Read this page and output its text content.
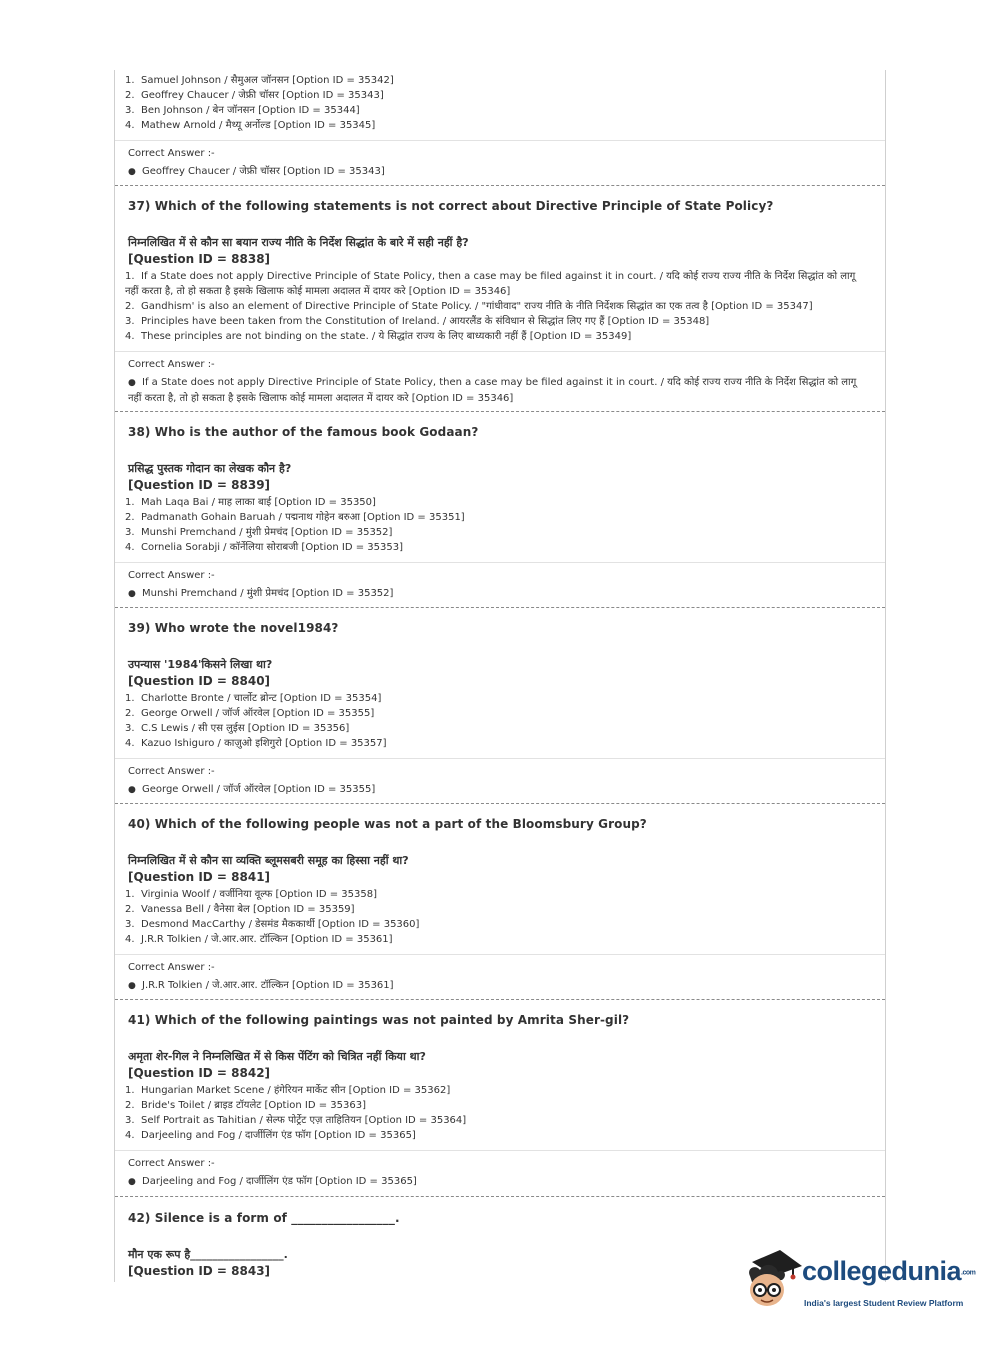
1. Samuel Johnson / सैमुअल जॉनसन [Option ID = 35342]
2. Geoffrey Chaucer / जेफ्री चॉसर [Option ID = 35343]
3. Ben Johnson / बेन जॉनसन [Option ID = 35344]
4. Mathew Arnold / मैथ्यू अर्नोल्ड [Option ID = 35345]
Correct Answer :-
● Geoffrey Chaucer / जेफ्री चॉसर [Option ID = 35343]
37) Which of the following statements is not correct about Directive Principle of State Policy?
निम्नलिखित में से कौन सा बयान राज्य नीति के निर्देश सिद्धांत के बारे में सही नहीं है?
[Question ID = 8838]
1. If a State does not apply Directive Principle of State Policy, then a case may be filed against it in court. / यदि कोई राज्य राज्य नीति के निर्देश सिद्धांत को लागू नहीं करता है, तो हो सकता है इसके खिलाफ कोई मामला अदालत में दायर करे [Option ID = 35346]
2. Gandhism' is also an element of Directive Principle of State Policy. / "गांधीवाद" राज्य नीति के नीति निर्देशक सिद्धांत का एक तत्व है [Option ID = 35347]
3. Principles have been taken from the Constitution of Ireland. / आयरलैंड के संविधान से सिद्धांत लिए गए हैं [Option ID = 35348]
4. These principles are not binding on the state. / ये सिद्धांत राज्य के लिए बाध्यकारी नहीं हैं [Option ID = 35349]
Correct Answer :-
● If a State does not apply Directive Principle of State Policy, then a case may be filed against it in court. / यदि कोई राज्य राज्य नीति के निर्देश सिद्धांत को लागू नहीं करता है, तो हो सकता है इसके खिलाफ कोई मामला अदालत में दायर करे [Option ID = 35346]
38) Who is the author of the famous book Godaan?
प्रसिद्ध पुस्तक गोदान का लेखक कौन है?
[Question ID = 8839]
1. Mah Laqa Bai / माह लाका बाई [Option ID = 35350]
2. Padmanath Gohain Baruah / पद्मनाथ गोहेन बरुआ [Option ID = 35351]
3. Munshi Premchand / मुंशी प्रेमचंद [Option ID = 35352]
4. Cornelia Sorabji / कॉर्नेलिया सोराबजी [Option ID = 35353]
Correct Answer :-
● Munshi Premchand / मुंशी प्रेमचंद [Option ID = 35352]
39) Who wrote the novel1984?
उपन्यास '1984'किसने लिखा था?
[Question ID = 8840]
1. Charlotte Bronte / चार्लोट ब्रोन्ट [Option ID = 35354]
2. George Orwell / जॉर्ज ऑरवेल [Option ID = 35355]
3. C.S Lewis / सी एस लुईस [Option ID = 35356]
4. Kazuo Ishiguro / काज़ुओ इशिगुरो [Option ID = 35357]
Correct Answer :-
● George Orwell / जॉर्ज ऑरवेल [Option ID = 35355]
40) Which of the following people was not a part of the Bloomsbury Group?
निम्नलिखित में से कौन सा व्यक्ति ब्लूमसबरी समूह का हिस्सा नहीं था?
[Question ID = 8841]
1. Virginia Woolf / वर्जीनिया वूल्फ [Option ID = 35358]
2. Vanessa Bell / वैनेसा बेल [Option ID = 35359]
3. Desmond MacCarthy / डेसमंड मैककार्थी [Option ID = 35360]
4. J.R.R Tolkien / जे.आर.आर. टॉल्किन [Option ID = 35361]
Correct Answer :-
● J.R.R Tolkien / जे.आर.आर. टॉल्किन [Option ID = 35361]
41) Which of the following paintings was not painted by Amrita Sher-gil?
अमृता शेर-गिल ने निम्नलिखित में से किस पेंटिंग को चित्रित नहीं किया था?
[Question ID = 8842]
1. Hungarian Market Scene / हंगेरियन मार्केट सीन [Option ID = 35362]
2. Bride's Toilet / ब्राइड टॉयलेट [Option ID = 35363]
3. Self Portrait as Tahitian / सेल्फ पोर्ट्रेट एज़ ताहितियन [Option ID = 35364]
4. Darjeeling and Fog / दार्जीलिंग एंड फॉग [Option ID = 35365]
Correct Answer :-
● Darjeeling and Fog / दार्जीलिंग एंड फॉग [Option ID = 35365]
42) Silence is a form of _________________.
मौन एक रूप है_________________.
[Question ID = 8843]	collegedunia.com
India's largest Student Review Platform
